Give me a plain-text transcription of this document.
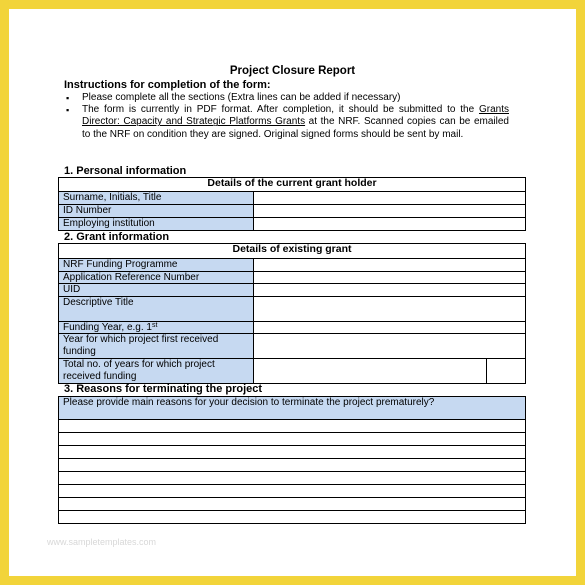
Project Closure Report
Instructions for completion of the form:
▪ Please complete all the sections (Extra lines can be added if necessary)
▪ The form is currently in PDF format. After completion, it should be submitted to the Grants Director: Capacity and Strategic Platforms Grants at the NRF. Scanned copies can be emailed to the NRF on condition they are signed. Original signed forms should be sent by mail.
1. Personal information
Details of the current grant holder	
Surname, Initials, Title	
ID Number	
Employing institution	
2. Grant information
Details of existing grant		
NRF Funding Programme		
Application Reference Number		
UID		
Descriptive Title		
Funding Year, e.g. 1st	
Year for which project first received funding		
Total no. of years for which project received funding		
3. Reasons for terminating the project
Please provide main reasons for your decision to terminate the project prematurely?

www.sampletemplates.com
